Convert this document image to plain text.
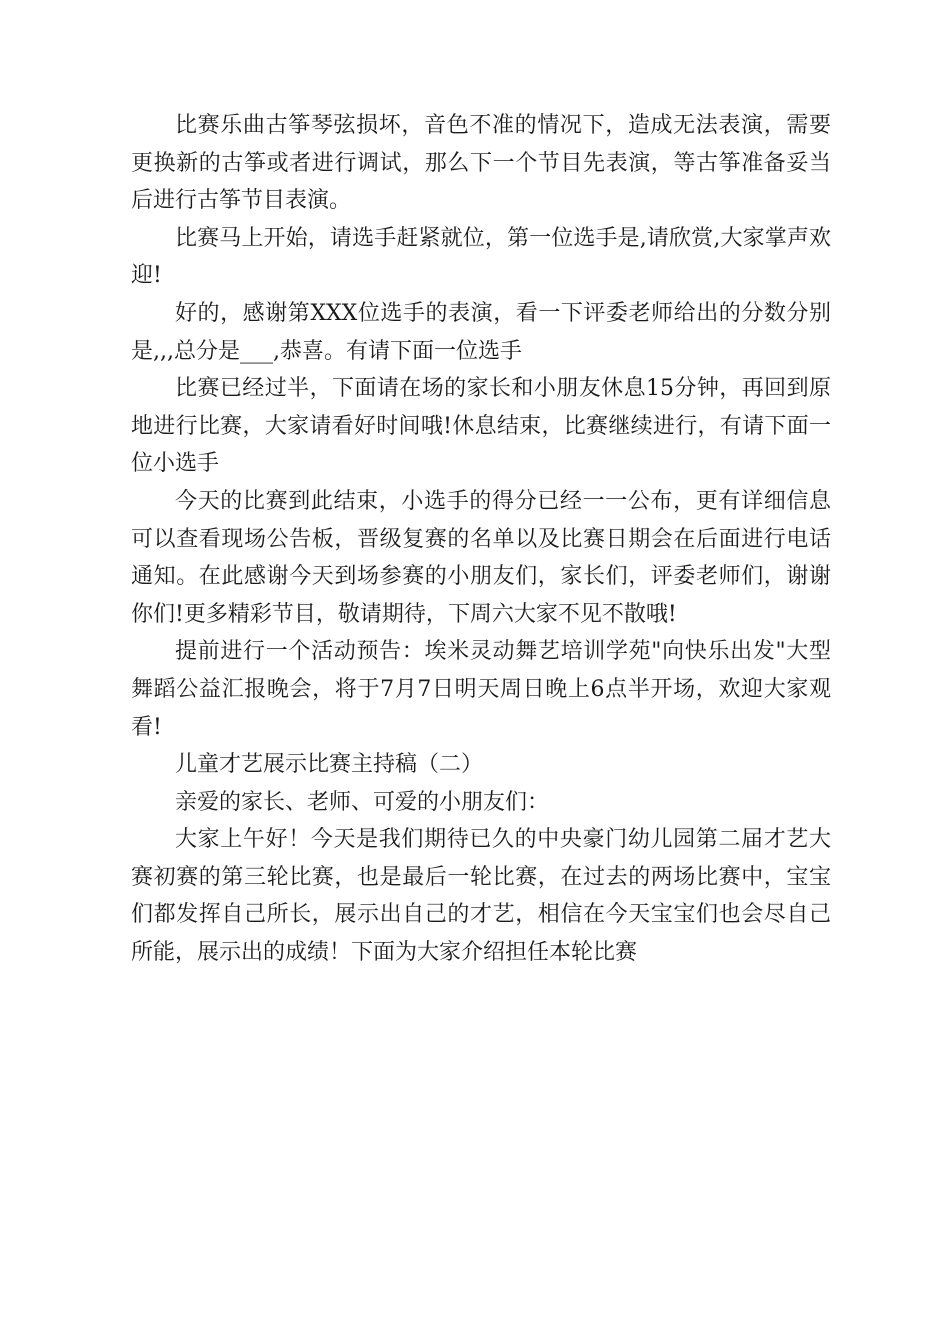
比赛乐曲古筝琴弦损坏，音色不准的情况下，造成无法表演，需要更换新的古筝或者进行调试，那么下一个节目先表演，等古筝准备妥当后进行古筝节目表演。

比赛马上开始，请选手赶紧就位，第一位选手是,请欣赏,大家掌声欢迎!

好的，感谢第XXX位选手的表演，看一下评委老师给出的分数分别是,,,总分是___,恭喜。有请下面一位选手

比赛已经过半，下面请在场的家长和小朋友休息15分钟，再回到原地进行比赛，大家请看好时间哦!休息结束，比赛继续进行，有请下面一位小选手

今天的比赛到此结束，小选手的得分已经一一公布，更有详细信息可以查看现场公告板，晋级复赛的名单以及比赛日期会在后面进行电话通知。在此感谢今天到场参赛的小朋友们，家长们，评委老师们，谢谢你们!更多精彩节目，敬请期待，下周六大家不见不散哦!

提前进行一个活动预告：埃米灵动舞艺培训学苑"向快乐出发"大型舞蹈公益汇报晚会，将于7月7日明天周日晚上6点半开场，欢迎大家观看!

儿童才艺展示比赛主持稿（二）

亲爱的家长、老师、可爱的小朋友们：

大家上午好！今天是我们期待已久的中央豪门幼儿园第二届才艺大赛初赛的第三轮比赛，也是最后一轮比赛，在过去的两场比赛中，宝宝们都发挥自己所长，展示出自己的才艺，相信在今天宝宝们也会尽自己所能，展示出的成绩！下面为大家介绍担任本轮比赛
